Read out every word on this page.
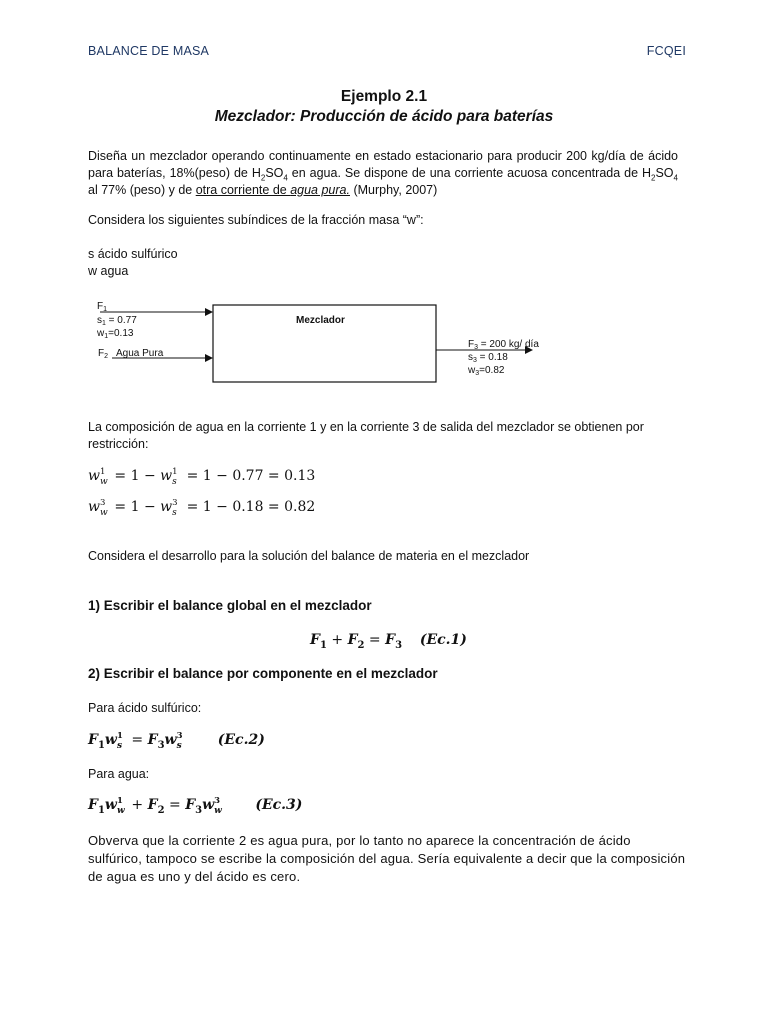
BALANCE DE MASA	FCQEI
Ejemplo 2.1
Mezclador: Producción de ácido para baterías
Diseña un mezclador operando continuamente en estado estacionario para producir 200 kg/día de ácido para baterías, 18%(peso) de $H_2SO_4$ en agua. Se dispone de una corriente acuosa concentrada de $H_2SO_4$ al 77% (peso) y de otra corriente de agua pura. (Murphy, 2007)
Considera los siguientes subíndices de la fracción masa “w”:
s ácido sulfúrico
w agua
Mezclador
$F_1$
$s_1 = 0.77$
$w_1=0.13$
$F_2$ Agua Pura
$F_3 = 200$ kg/ día
$s_3 = 0.18$
$w_3=0.82$
La composición de agua en la corriente 1 y en la corriente 3 de salida del mezclador se obtienen por restricción:
w 1
w = 1 − w 1
s = 1 − 0.77 = 0.13
w 3
w = 1 − w 3
s = 1 − 0.18 = 0.82
Considera el desarrollo para la solución del balance de materia en el mezclador
1) Escribir el balance global en el mezclador
$F_1 + F_2 = F_3$ (Ec.1)
2) Escribir el balance por componente en el mezclador
Para ácido sulfúrico:
$F_1w$ 1
$s = F_3w$ 3
s	(Ec.2)
Para agua:
$F_1w$ 1
$w + F_2 = F_3w$ 3
w (Ec.3)
Obverva que la corriente 2 es agua pura, por lo tanto no aparece la concentración de ácido sulfúrico, tampoco se escribe la composición del agua. Sería equivalente a decir que la composición de agua es uno y del ácido es cero.
